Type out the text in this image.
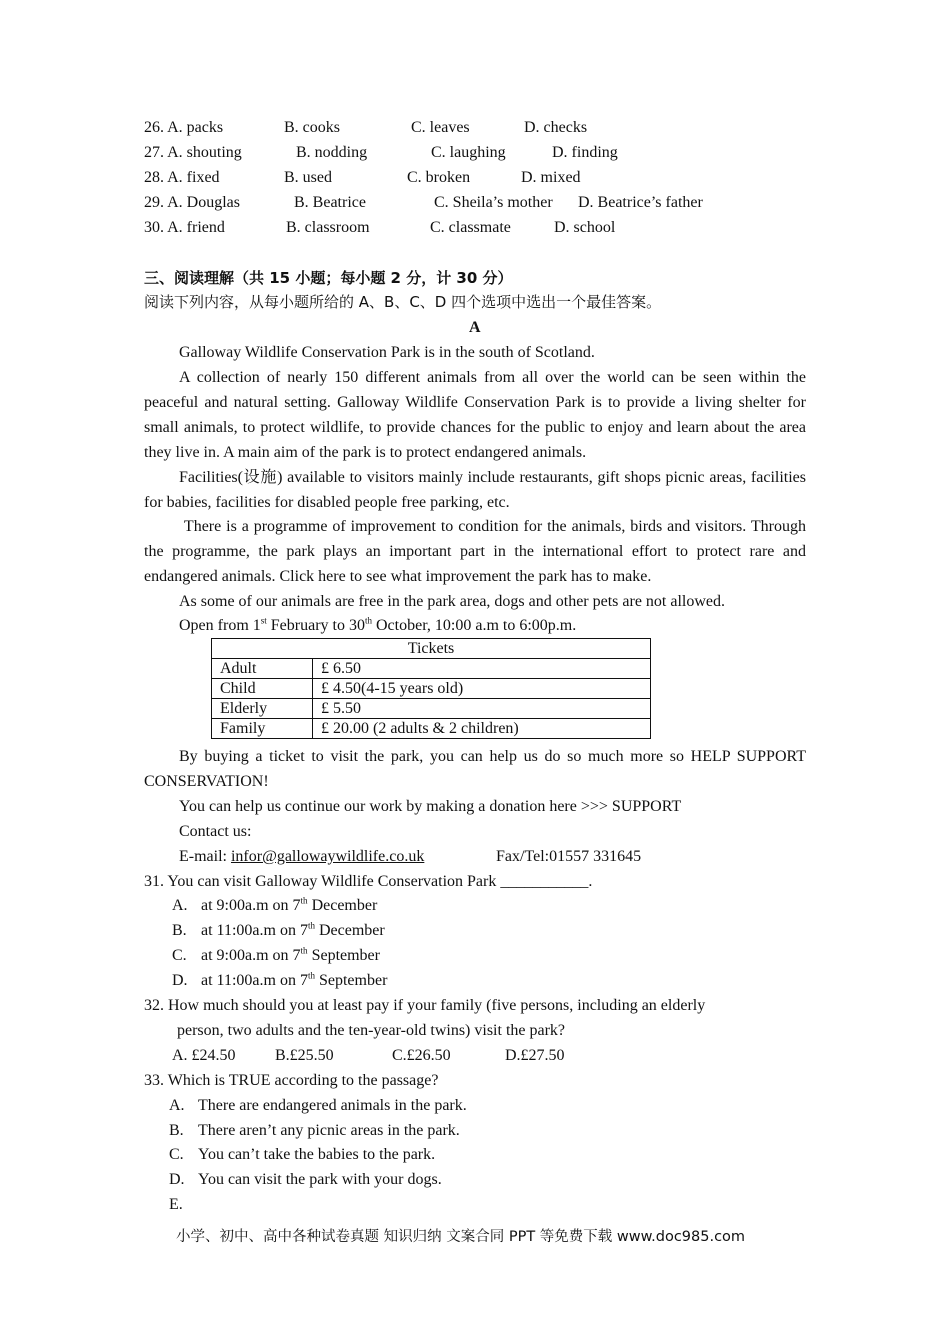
26. A. packs	B. cooks	C. leaves	D. checks
27. A. shouting	B. nodding	C. laughing	D. finding
28. A. fixed	B. used	C. broken	D. mixed
29. A. Douglas	B. Beatrice	C. Sheila’s mother D. Beatrice’s father
30. A. friend	B. classroom	C. classmate	D. school
三、阅读理解（共 15 小题；每小题 2 分，计 30 分）
阅读下列内容，从每小题所给的 A、B、C、D 四个选项中选出一个最佳答案。
A
Galloway Wildlife Conservation Park is in the south of Scotland.
A collection of nearly 150 different animals from all over the world can be seen within the peaceful and natural setting. Galloway Wildlife Conservation Park is to provide a living shelter for small animals, to protect wildlife, to provide chances for the public to enjoy and learn about the area they live in. A main aim of the park is to protect endangered animals.
Facilities(设施) available to visitors mainly include restaurants, gift shops picnic areas, facilities for babies, facilities for disabled people free parking, etc.
There is a programme of improvement to condition for the animals, birds and visitors. Through the programme, the park plays an important part in the international effort to protect rare and endangered animals. Click here to see what improvement the park has to make.
As some of our animals are free in the park area, dogs and other pets are not allowed.
Open from 1st February to 30th October, 10:00 a.m to 6:00p.m.
Tickets	
Adult	£ 6.50
Child	£ 4.50(4-15 years old)
Elderly	£ 5.50
Family	£ 20.00 (2 adults & 2 children)
By buying a ticket to visit the park, you can help us do so much more so HELP SUPPORT CONSERVATION!
You can help us continue our work by making a donation here >>> SUPPORT
Contact us:
E-mail: infor@gallowaywildlife.co.uk	Fax/Tel:01557 331645
31. You can visit Galloway Wildlife Conservation Park ___________.
A. at 9:00a.m on 7th December
B. at 11:00a.m on 7th December
C. at 9:00a.m on 7th September
D. at 11:00a.m on 7th September
32. How much should you at least pay if your family (five persons, including an elderly
person, two adults and the ten-year-old twins) visit the park?
A. £24.50 B.£25.50	C.£26.50	D.£27.50
33. Which is TRUE according to the passage?
A. There are endangered animals in the park.
B. There aren’t any picnic areas in the park.
C. You can’t take the babies to the park.
D. You can visit the park with your dogs.
E.
小学、初中、高中各种试卷真题 知识归纳 文案合同 PPT 等免费下载 www.doc985.com
